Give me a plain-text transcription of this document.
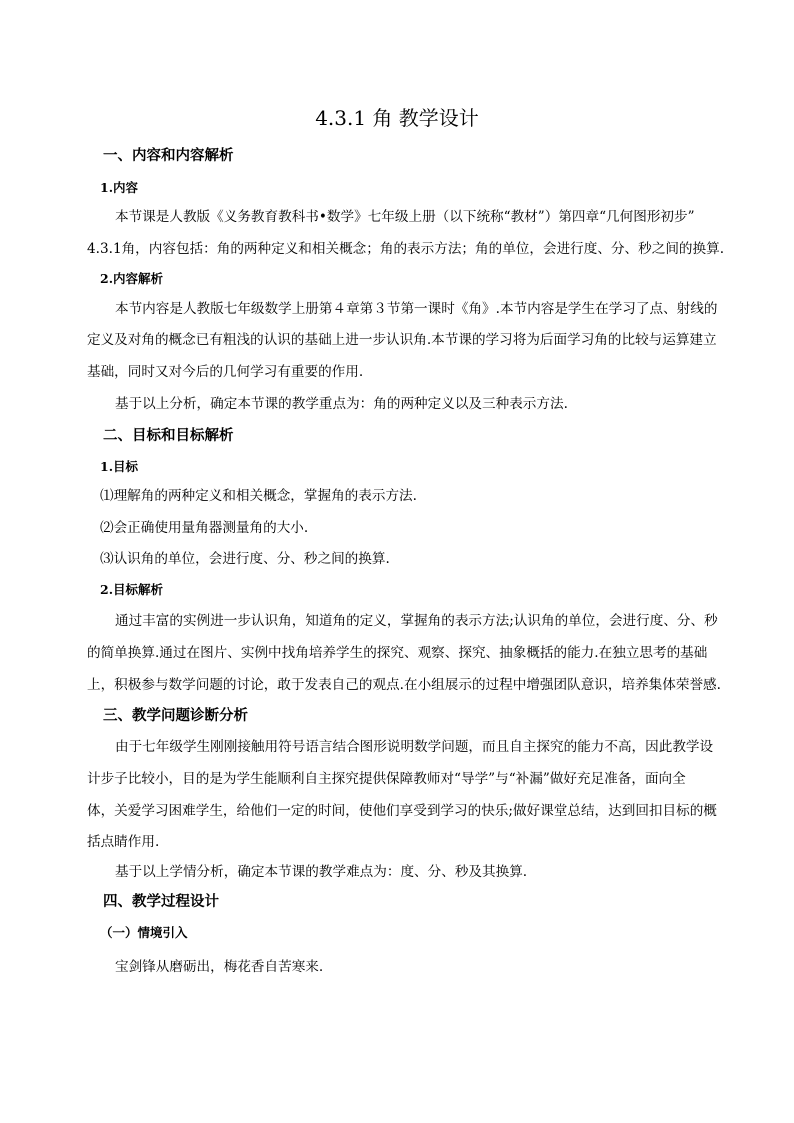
4.3.1 角 教学设计
一、内容和内容解析
1.内容
本节课是人教版《义务教育教科书•数学》七年级上册（以下统称“教材”）第四章“几何图形初步”
4.3.1角，内容包括：角的两种定义和相关概念；角的表示方法；角的单位，会进行度、分、秒之间的换算.
2.内容解析
本节内容是人教版七年级数学上册第４章第３节第一课时《角》.本节内容是学生在学习了点、射线的
定义及对角的概念已有粗浅的认识的基础上进一步认识角.本节课的学习将为后面学习角的比较与运算建立
基础，同时又对今后的几何学习有重要的作用.
基于以上分析，确定本节课的教学重点为：角的两种定义以及三种表示方法.
二、目标和目标解析
1.目标
⑴理解角的两种定义和相关概念，掌握角的表示方法.
⑵会正确使用量角器测量角的大小.
⑶认识角的单位，会进行度、分、秒之间的换算.
2.目标解析
通过丰富的实例进一步认识角，知道角的定义，掌握角的表示方法;认识角的单位，会进行度、分、秒
的简单换算.通过在图片、实例中找角培养学生的探究、观察、探究、抽象概括的能力.在独立思考的基础
上，积极参与数学问题的讨论，敢于发表自己的观点.在小组展示的过程中增强团队意识，培养集体荣誉感.
三、教学问题诊断分析
由于七年级学生刚刚接触用符号语言结合图形说明数学问题，而且自主探究的能力不高，因此教学设
计步子比较小，目的是为学生能顺利自主探究提供保障教师对“导学”与“补漏”做好充足准备，面向全
体，关爱学习困难学生，给他们一定的时间，使他们享受到学习的快乐;做好课堂总结，达到回扣目标的概
括点睛作用.
基于以上学情分析，确定本节课的教学难点为：度、分、秒及其换算.
四、教学过程设计
（一）情境引入
宝剑锋从磨砺出，梅花香自苦寒来.
